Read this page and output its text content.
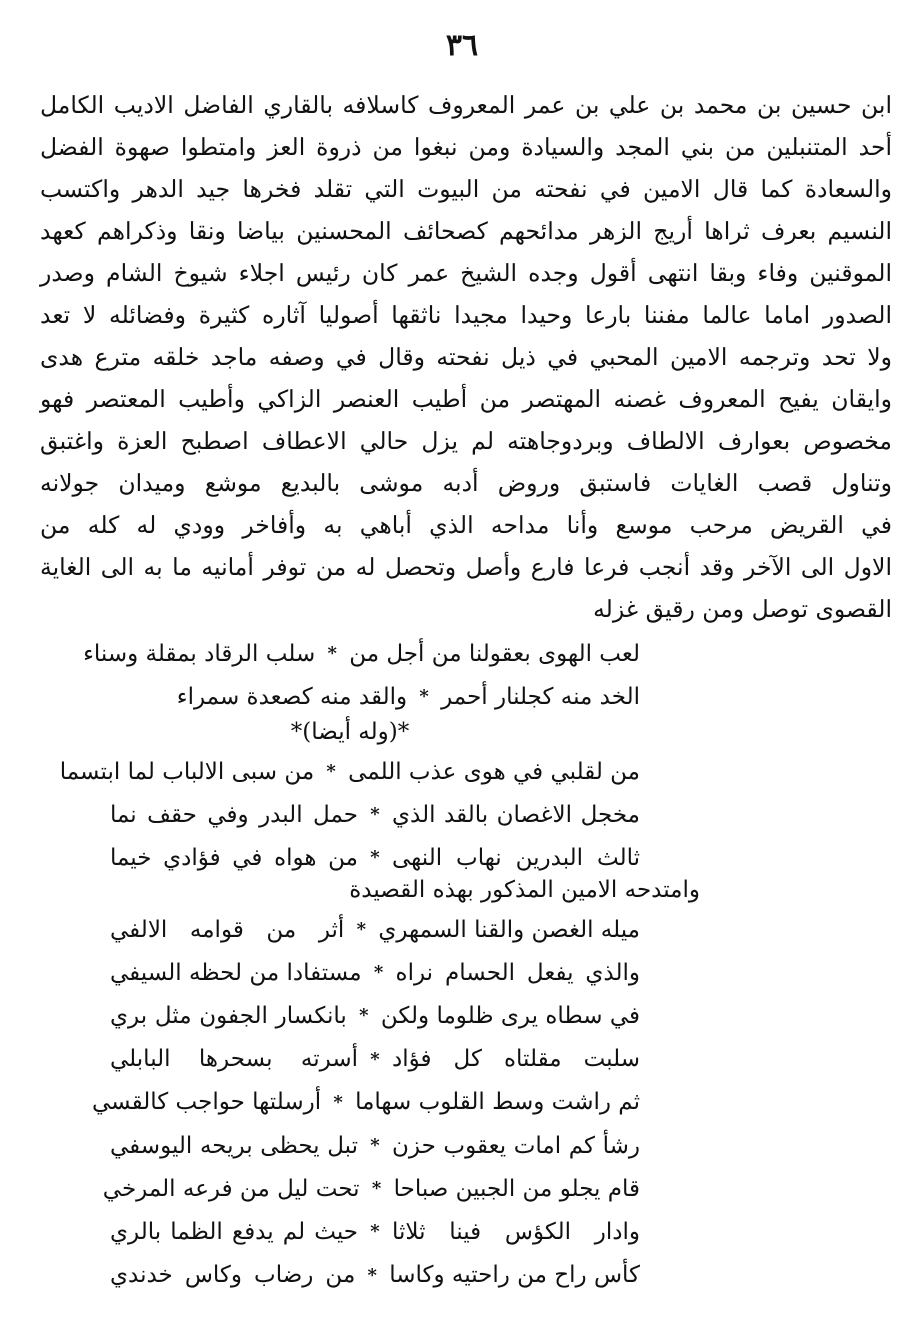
٣٦
ابن حسين بن محمد بن علي بن عمر المعروف كاسلافه بالقاري الفاضل الاديب الكامل
أحد المتنبلين من بني المجد والسيادة ومن نبغوا من ذروة العز وامتطوا صهوة الفضل
والسعادة كما قال الامين في نفحته من البيوت التي تقلد فخرها جيد الدهر واكتسب
النسيم بعرف ثراها أريج الزهر مدائحهم كصحائف المحسنين بياضا ونقا وذكراهم كعهد
الموقنين وفاء وبقا انتهى أقول وجده الشيخ عمر كان رئيس اجلاء شيوخ الشام وصدر
الصدور اماما عالما مفننا بارعا وحيدا مجيدا ناثقها أصوليا آثاره كثيرة وفضائله لا تعد
ولا تحد وترجمه الامين المحبي في ذيل نفحته وقال في وصفه ماجد خلقه مترع هدى
وايقان يفيح المعروف غصنه المهتصر من أطيب العنصر الزاكي وأطيب المعتصر فهو
مخصوص بعوارف الالطاف وبردوجاهته لم يزل حالي الاعطاف اصطبح العزة واغتبق
وتناول قصب الغايات فاستبق وروض أدبه موشى بالبديع موشع وميدان جولانه
في القريض مرحب موسع وأنا مداحه الذي أباهي به وأفاخر وودي له كله من
الاول الى الآخر وقد أنجب فرعا فارع وأصل وتحصل له من توفر أمانيه ما به الى الغاية
القصوى توصل ومن رقيق غزله
لعب الهوى بعقولنا من أجل من
*
سلب الرقاد بمقلة وسناء
الخد منه كجلنار أحمر
*
والقد منه كصعدة سمراء
*(وله أيضا)*
من لقلبي في هوى عذب اللمى
*
من سبى الالباب لما ابتسما
مخجل الاغصان بالقد الذي
*
حمل البدر وفي حقف نما
ثالث البدرين نهاب النهى
*
من هواه في فؤادي خيما
وامتدحه الامين المذكور بهذه القصيدة
ميله الغصن والقنا السمهري
*
أثر من قوامه الالفي
والذي يفعل الحسام نراه
*
مستفادا من لحظه السيفي
في سطاه يرى ظلوما ولكن
*
بانكسار الجفون مثل بري
سلبت مقلتاه كل فؤاد
*
أسرته بسحرها البابلي
ثم راشت وسط القلوب سهاما
*
أرسلتها حواجب كالقسي
رشأ كم امات يعقوب حزن
*
تبل يحظى بريحه اليوسفي
قام يجلو من الجبين صباحا
*
تحت ليل من فرعه المرخي
وادار الكؤس فينا ثلاثا
*
حيث لم يدفع الظما بالري
كأس راح من راحتيه وكاسا
*
من رضاب وكاس خدندي
